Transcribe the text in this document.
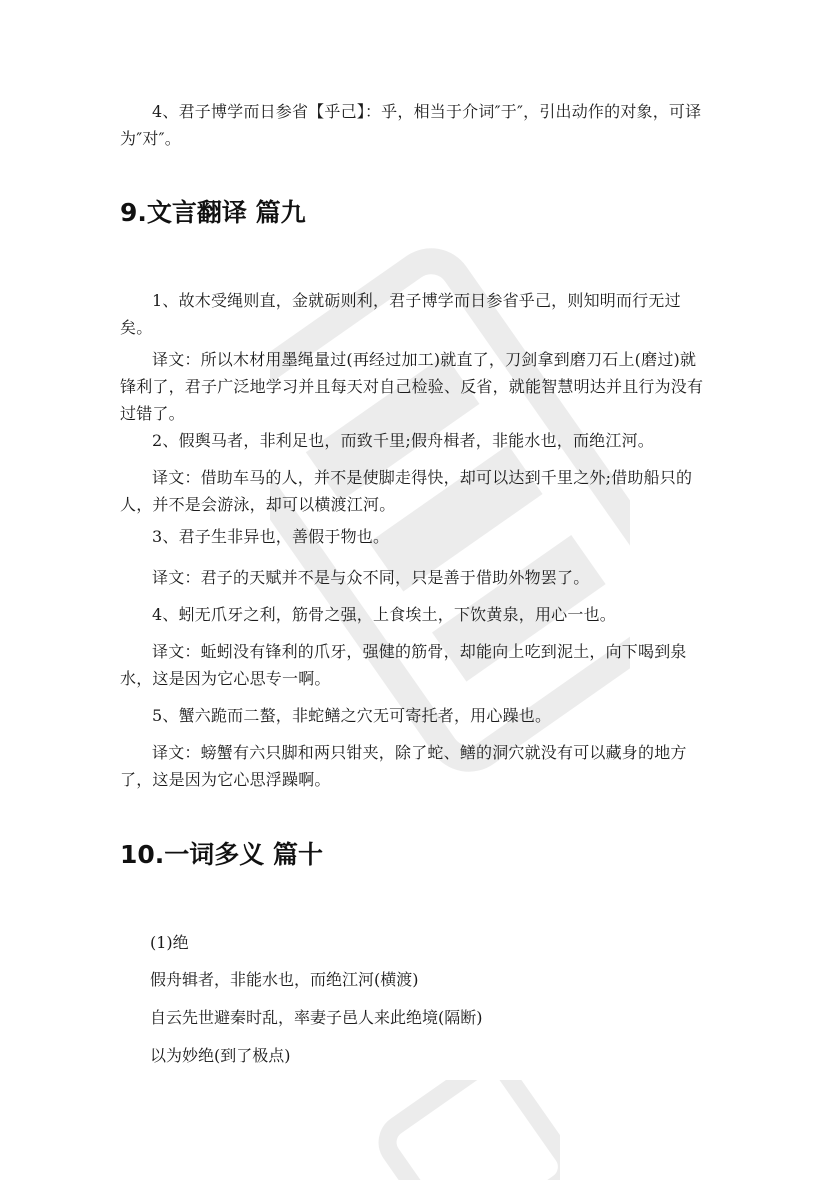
4、君子博学而日参省【乎己】：乎，相当于介词″于″，引出动作的对象，可译为″对″。

9.文言翻译 篇九

1、故木受绳则直，金就砺则利，君子博学而日参省乎己，则知明而行无过矣。

译文：所以木材用墨绳量过(再经过加工)就直了，刀剑拿到磨刀石上(磨过)就锋利了，君子广泛地学习并且每天对自己检验、反省，就能智慧明达并且行为没有过错了。

2、假舆马者，非利足也，而致千里;假舟楫者，非能水也，而绝江河。

译文：借助车马的人，并不是使脚走得快，却可以达到千里之外;借助船只的人，并不是会游泳，却可以横渡江河。

3、君子生非异也，善假于物也。

译文：君子的天赋并不是与众不同，只是善于借助外物罢了。

4、蚓无爪牙之利，筋骨之强，上食埃土，下饮黄泉，用心一也。

译文：蚯蚓没有锋利的爪牙，强健的筋骨，却能向上吃到泥土，向下喝到泉水，这是因为它心思专一啊。

5、蟹六跪而二螯，非蛇鳝之穴无可寄托者，用心躁也。

译文：螃蟹有六只脚和两只钳夹，除了蛇、鳝的洞穴就没有可以藏身的地方了，这是因为它心思浮躁啊。

10.一词多义 篇十

(1)绝

假舟辑者，非能水也，而绝江河(横渡)

自云先世避秦时乱，率妻子邑人来此绝境(隔断)

以为妙绝(到了极点)
